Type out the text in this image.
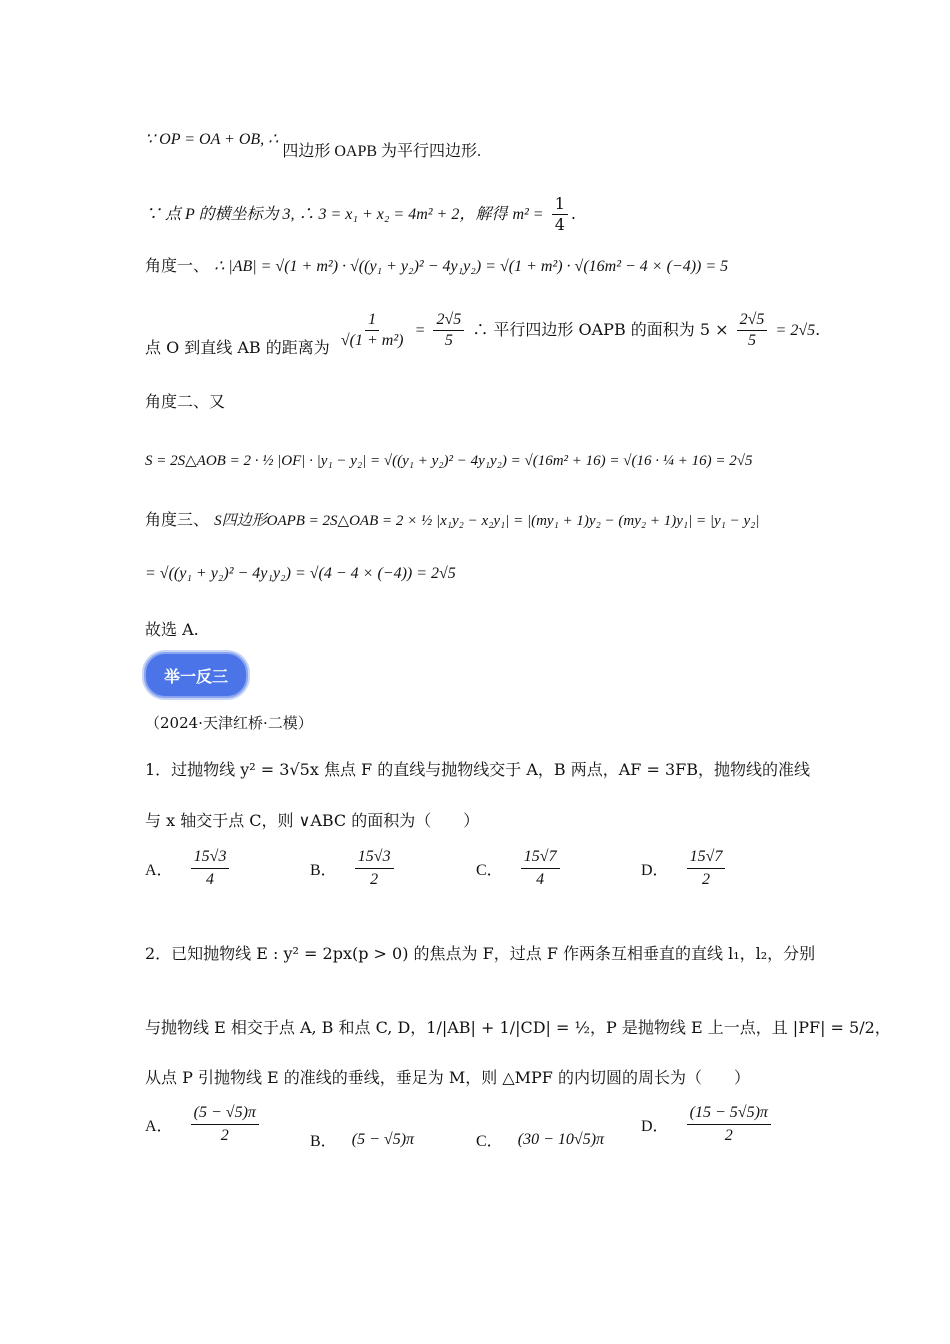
∵ OP = OA + OB, ∴ 四边形 OAPB 为平行四边形.
∵ 点 P 的横坐标为 3, ∴ 3 = x₁ + x₂ = 4m² + 2，解得 $m^2 = \frac{1}{4}$ .
角度一、 ∴ |AB| = √(1 + m²) · √((y₁ + y₂)² − 4y₁y₂) = √(1 + m²) · √(16m² − 4 × (−4)) = 5
点 O 到直线 AB 的距离为 $\frac{1}{\text{√(1 + m²)}} = \frac{2√5}{5}$ ∴ 平行四边形 OAPB 的面积为 $5 \times \frac{2√5}{5} = 2√5$.
角度二、又
S = 2S△AOB = 2 · ½ |OF| · |y₁ − y₂| = √((y₁ + y₂)² − 4y₁y₂) = √(16m² + 16) = √(16 · ¼ + 16) = 2√5
角度三、 S四边形OAPB = 2S△OAB = 2 × ½ |x₁y₂ − x₂y₁| = |(my₁ + 1)y₂ − (my₂ + 1)y₁| = |y₁ − y₂|
= √((y₁ + y₂)² − 4y₁y₂) = √(4 − 4 × (−4)) = 2√5
故选 A.
举一反三
（2024·天津红桥·二模）
1．过抛物线 y² = 3√5x 焦点 F 的直线与抛物线交于 A，B 两点，AF = 3FB，抛物线的准线
与 x 轴交于点 C，则 ∨ABC 的面积为（　　）
A． $\frac{15√3}{4}$	B． $\frac{15√3}{2}$	C． $\frac{15√7}{4}$	D． $\frac{15√7}{2}$
2．已知抛物线 E : y² = 2px(p > 0) 的焦点为 F，过点 F 作两条互相垂直的直线 l₁，l₂，分别
与抛物线 E 相交于点 A, B 和点 C, D，1/|AB| + 1/|CD| = ½，P 是抛物线 E 上一点，且 |PF| = 5/2，
从点 P 引抛物线 E 的准线的垂线，垂足为 M，则 △MPF 的内切圆的周长为（　　）
A． $\frac{(5 - √5)\pi}{2}$	B． (5 − √5)π	C． (30 − 10√5)π
D． $\frac{(15 - 5√5)\pi}{2}$
